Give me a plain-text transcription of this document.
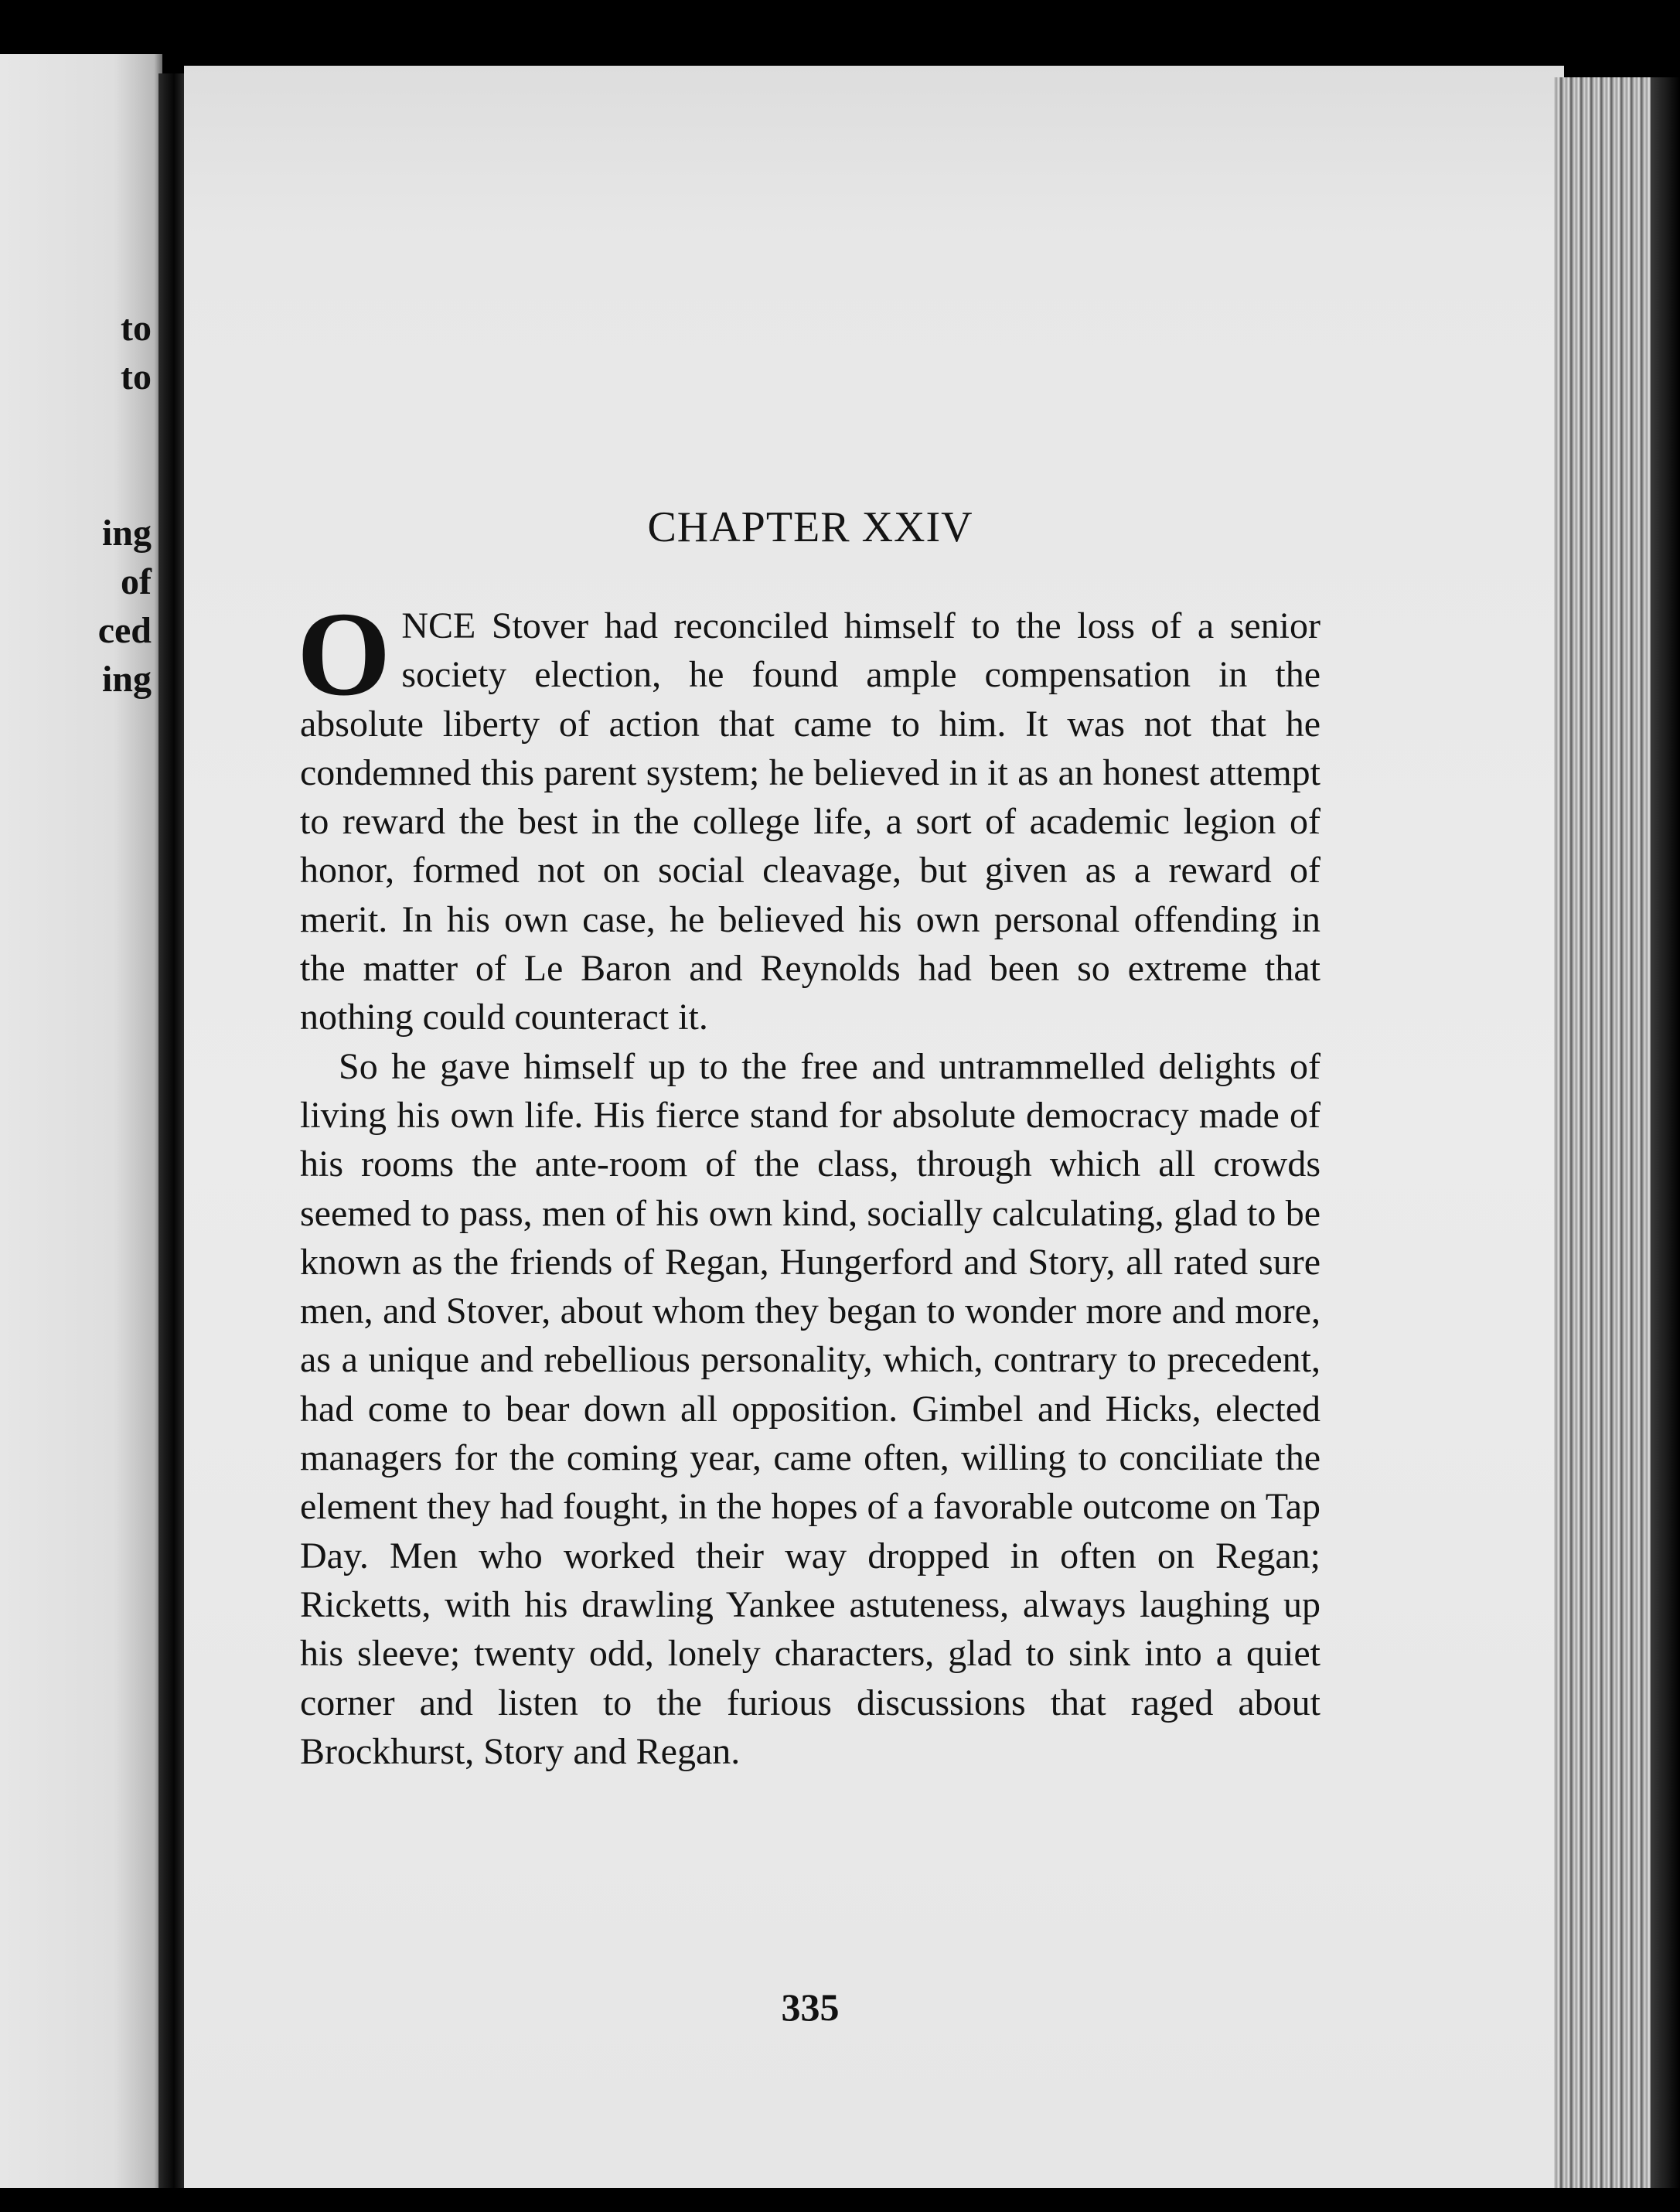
to
to
ing
of
ced
ing
CHAPTER XXIV

ONCE Stover had reconciled himself to the loss of a senior society election, he found ample compensation in the absolute liberty of action that came to him. It was not that he condemned this parent system; he believed in it as an honest attempt to reward the best in the college life, a sort of academic legion of honor, formed not on social cleavage, but given as a reward of merit. In his own case, he believed his own personal offending in the matter of Le Baron and Reynolds had been so extreme that nothing could counteract it.

So he gave himself up to the free and untrammelled delights of living his own life. His fierce stand for absolute democracy made of his rooms the ante-room of the class, through which all crowds seemed to pass, men of his own kind, socially calculating, glad to be known as the friends of Regan, Hungerford and Story, all rated sure men, and Stover, about whom they began to wonder more and more, as a unique and rebellious personality, which, contrary to precedent, had come to bear down all opposition. Gimbel and Hicks, elected managers for the coming year, came often, willing to conciliate the element they had fought, in the hopes of a favorable outcome on Tap Day. Men who worked their way dropped in often on Regan; Ricketts, with his drawling Yankee astuteness, always laughing up his sleeve; twenty odd, lonely characters, glad to sink into a quiet corner and listen to the furious discussions that raged about Brockhurst, Story and Regan.

335
